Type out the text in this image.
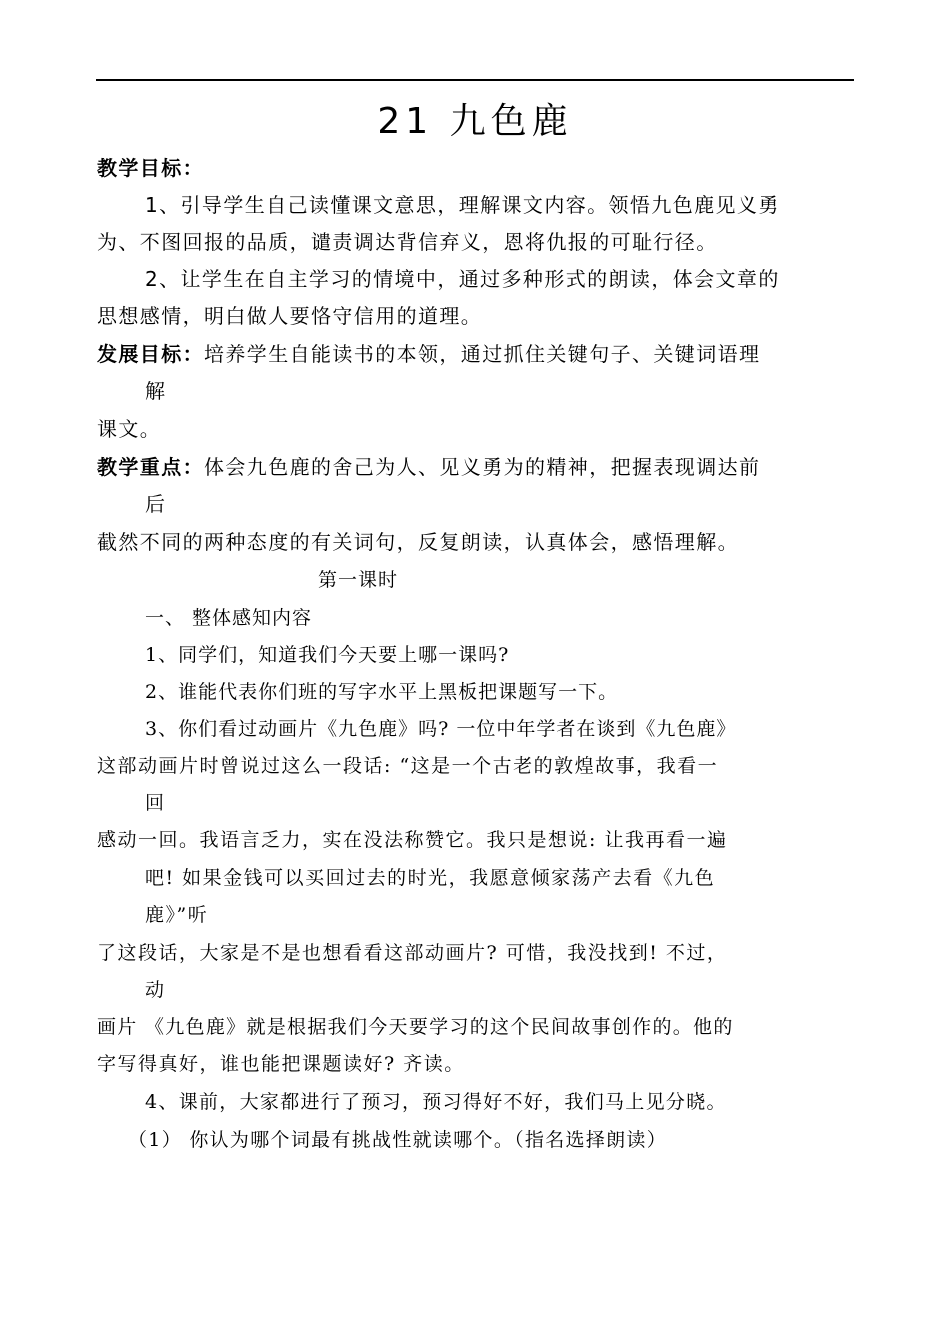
21 九色鹿
教学目标：
1、引导学生自己读懂课文意思，理解课文内容。领悟九色鹿见义勇
为、不图回报的品质，谴责调达背信弃义，恩将仇报的可耻行径。
2、让学生在自主学习的情境中，通过多种形式的朗读，体会文章的
思想感情，明白做人要恪守信用的道理。
发展目标：培养学生自能读书的本领，通过抓住关键句子、关键词语理
解
课文。
教学重点：体会九色鹿的舍己为人、见义勇为的精神，把握表现调达前
后
截然不同的两种态度的有关词句，反复朗读，认真体会，感悟理解。
第一课时
一、 整体感知内容
1、同学们，知道我们今天要上哪一课吗?
2、谁能代表你们班的写字水平上黑板把课题写一下。
3、你们看过动画片《九色鹿》吗? 一位中年学者在谈到《九色鹿》
这部动画片时曾说过这么一段话: “这是一个古老的敦煌故事，我看一
回
感动一回。我语言乏力，实在没法称赞它。我只是想说: 让我再看一遍
吧! 如果金钱可以买回过去的时光，我愿意倾家荡产去看《九色
鹿》”听
了这段话，大家是不是也想看看这部动画片? 可惜，我没找到! 不过，
动
画片 《九色鹿》就是根据我们今天要学习的这个民间故事创作的。他的
字写得真好，谁也能把课题读好? 齐读。
4、课前，大家都进行了预习，预习得好不好，我们马上见分晓。
（1） 你认为哪个词最有挑战性就读哪个。（指名选择朗读）
